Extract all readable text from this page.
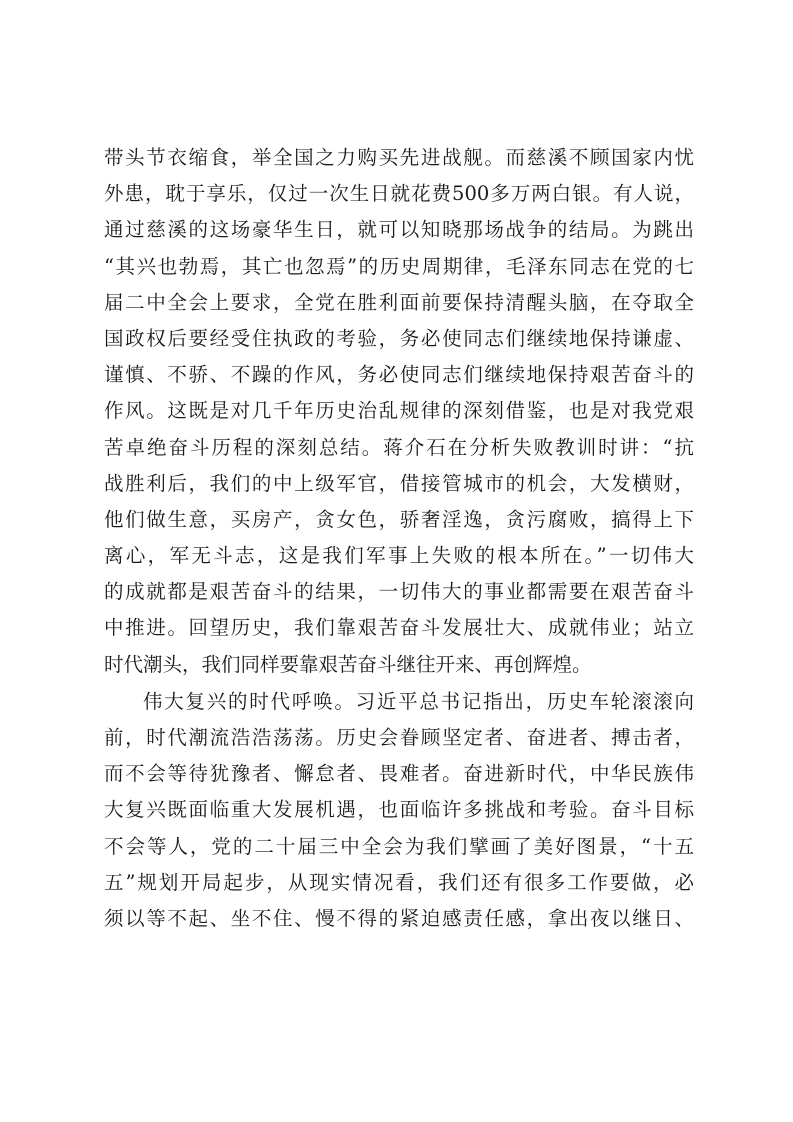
带头节衣缩食，举全国之力购买先进战舰。而慈溪不顾国家内忧
外患，耽于享乐，仅过一次生日就花费500多万两白银。有人说，
通过慈溪的这场豪华生日，就可以知晓那场战争的结局。为跳出
“其兴也勃焉，其亡也忽焉”的历史周期律，毛泽东同志在党的七
届二中全会上要求，全党在胜利面前要保持清醒头脑，在夺取全
国政权后要经受住执政的考验，务必使同志们继续地保持谦虚、
谨慎、不骄、不躁的作风，务必使同志们继续地保持艰苦奋斗的
作风。这既是对几千年历史治乱规律的深刻借鉴，也是对我党艰
苦卓绝奋斗历程的深刻总结。蒋介石在分析失败教训时讲：“抗
战胜利后，我们的中上级军官，借接管城市的机会，大发横财，
他们做生意，买房产，贪女色，骄奢淫逸，贪污腐败，搞得上下
离心，军无斗志，这是我们军事上失败的根本所在。”一切伟大
的成就都是艰苦奋斗的结果，一切伟大的事业都需要在艰苦奋斗
中推进。回望历史，我们靠艰苦奋斗发展壮大、成就伟业；站立
时代潮头，我们同样要靠艰苦奋斗继往开来、再创辉煌。
伟大复兴的时代呼唤。习近平总书记指出，历史车轮滚滚向
前，时代潮流浩浩荡荡。历史会眷顾坚定者、奋进者、搏击者，
而不会等待犹豫者、懈怠者、畏难者。奋进新时代，中华民族伟
大复兴既面临重大发展机遇，也面临许多挑战和考验。奋斗目标
不会等人，党的二十届三中全会为我们擘画了美好图景，“十五
五”规划开局起步，从现实情况看，我们还有很多工作要做，必
须以等不起、坐不住、慢不得的紧迫感责任感，拿出夜以继日、
